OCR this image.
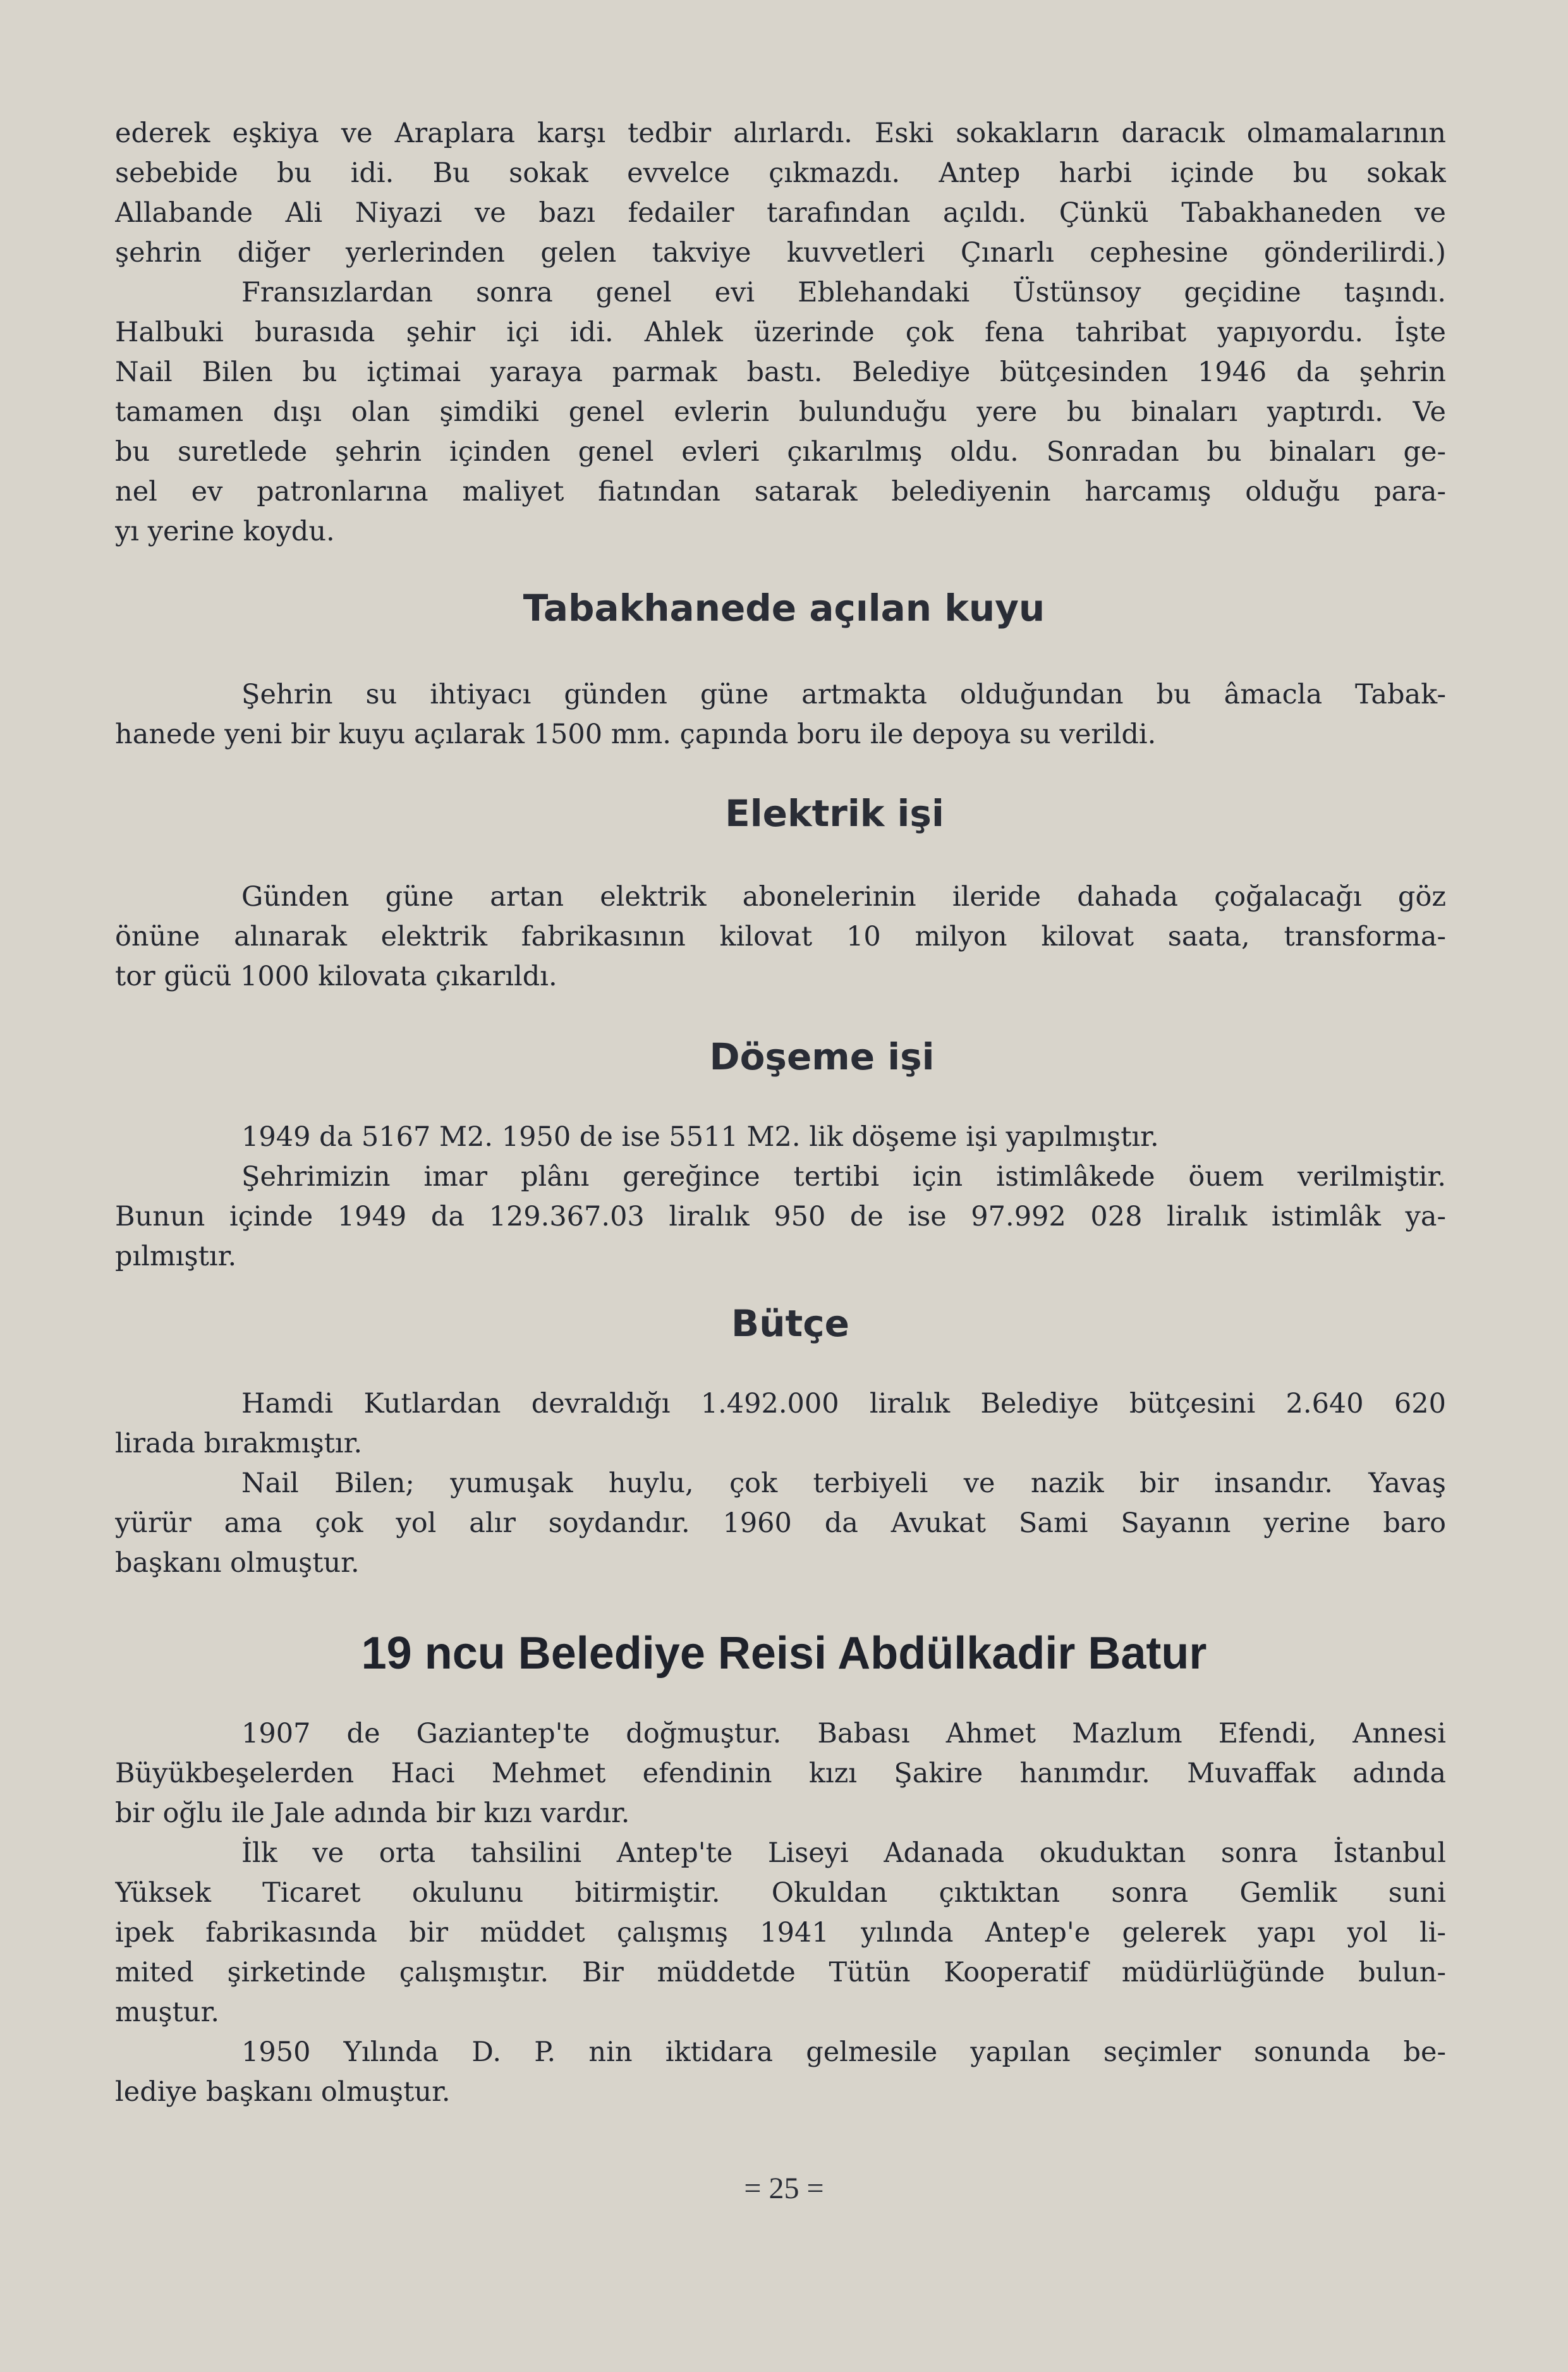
ederek eşkiya ve Araplara karşı tedbir alırlardı. Eski sokakların daracık olmamalarının
sebebide bu idi. Bu sokak evvelce çıkmazdı. Antep harbi içinde bu sokak
Allabande Ali Niyazi ve bazı fedailer tarafından açıldı. Çünkü Tabakhaneden ve
şehrin diğer yerlerinden gelen takviye kuvvetleri Çınarlı cephesine gönderilirdi.)
Fransızlardan sonra genel evi Eblehandaki Üstünsoy geçidine taşındı.
Halbuki burasıda şehir içi idi. Ahlek üzerinde çok fena tahribat yapıyordu. İşte
Nail Bilen bu içtimai yaraya parmak bastı. Belediye bütçesinden 1946 da şehrin
tamamen dışı olan şimdiki genel evlerin bulunduğu yere bu binaları yaptırdı. Ve
bu suretlede şehrin içinden genel evleri çıkarılmış oldu. Sonradan bu binaları ge-
nel ev patronlarına maliyet fiatından satarak belediyenin harcamış olduğu para-
yı yerine koydu.
Tabakhanede açılan kuyu
Şehrin su ihtiyacı günden güne artmakta olduğundan bu âmacla Tabak-
hanede yeni bir kuyu açılarak 1500 mm. çapında boru ile depoya su verildi.
Elektrik işi
Günden güne artan elektrik abonelerinin ileride dahada çoğalacağı göz
önüne alınarak elektrik fabrikasının kilovat 10 milyon kilovat saata, transforma-
tor gücü 1000 kilovata çıkarıldı.
Döşeme işi
1949 da 5167 M2. 1950 de ise 5511 M2. lik döşeme işi yapılmıştır.
Şehrimizin imar plânı gereğince tertibi için istimlâkede öuem verilmiştir.
Bunun içinde 1949 da 129.367.03 liralık 950 de ise 97.992 028 liralık istimlâk ya-
pılmıştır.
Bütçe
Hamdi Kutlardan devraldığı 1.492.000 liralık Belediye bütçesini 2.640 620
lirada bırakmıştır.
Nail Bilen; yumuşak huylu, çok terbiyeli ve nazik bir insandır. Yavaş
yürür ama çok yol alır soydandır. 1960 da Avukat Sami Sayanın yerine baro
başkanı olmuştur.
19 ncu Belediye Reisi Abdülkadir Batur
1907 de Gaziantep'te doğmuştur. Babası Ahmet Mazlum Efendi, Annesi
Büyükbeşelerden Haci Mehmet efendinin kızı Şakire hanımdır. Muvaffak adında
bir oğlu ile Jale adında bir kızı vardır.
İlk ve orta tahsilini Antep'te Liseyi Adanada okuduktan sonra İstanbul
Yüksek Ticaret okulunu bitirmiştir. Okuldan çıktıktan sonra Gemlik suni
ipek fabrikasında bir müddet çalışmış 1941 yılında Antep'e gelerek yapı yol li-
mited şirketinde çalışmıştır. Bir müddetde Tütün Kooperatif müdürlüğünde bulun-
muştur.
1950 Yılında D. P. nin iktidara gelmesile yapılan seçimler sonunda be-
lediye başkanı olmuştur.
= 25 =
